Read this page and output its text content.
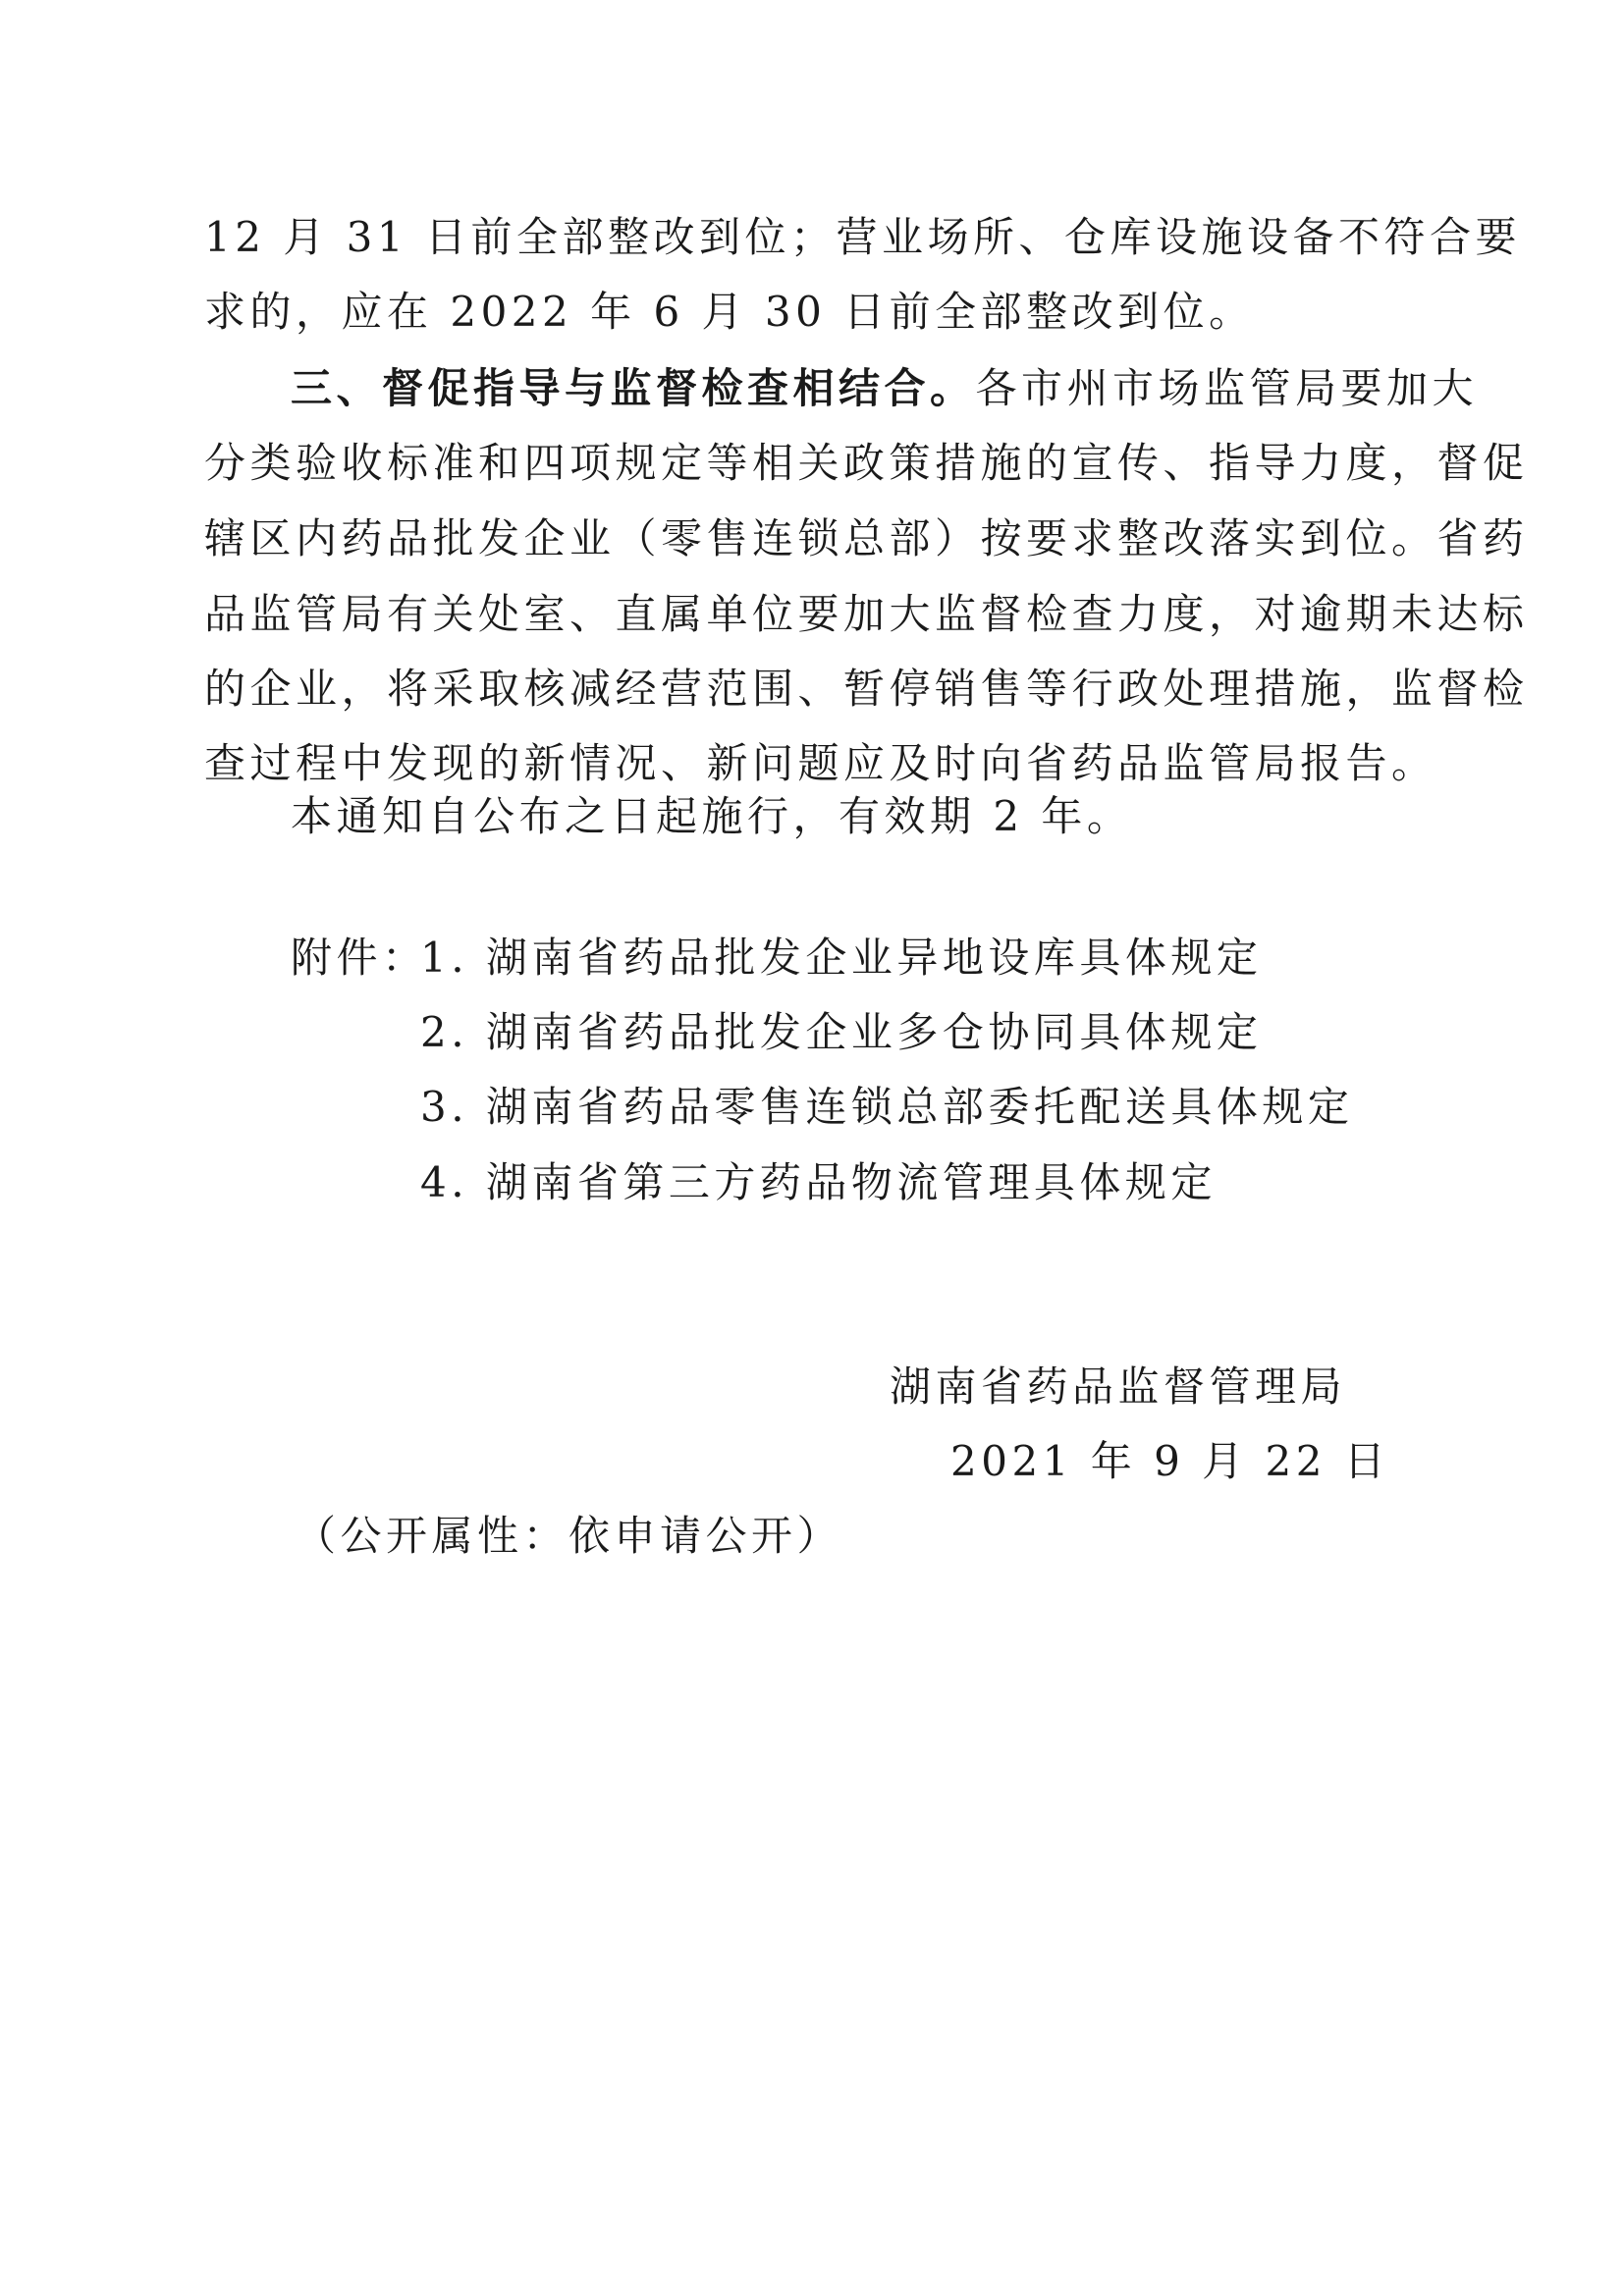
12 月 31 日前全部整改到位；营业场所、仓库设施设备不符合要
求的，应在 2022 年 6 月 30 日前全部整改到位。
三、督促指导与监督检查相结合。各市州市场监管局要加大
分类验收标准和四项规定等相关政策措施的宣传、指导力度，督促
辖区内药品批发企业（零售连锁总部）按要求整改落实到位。省药
品监管局有关处室、直属单位要加大监督检查力度，对逾期未达标
的企业，将采取核减经营范围、暂停销售等行政处理措施，监督检
查过程中发现的新情况、新问题应及时向省药品监管局报告。
本通知自公布之日起施行，有效期 2 年。
附件：
1. 湖南省药品批发企业异地设库具体规定
2. 湖南省药品批发企业多仓协同具体规定
3. 湖南省药品零售连锁总部委托配送具体规定
4. 湖南省第三方药品物流管理具体规定
湖南省药品监督管理局
2021 年 9 月 22 日
（公开属性：依申请公开）
